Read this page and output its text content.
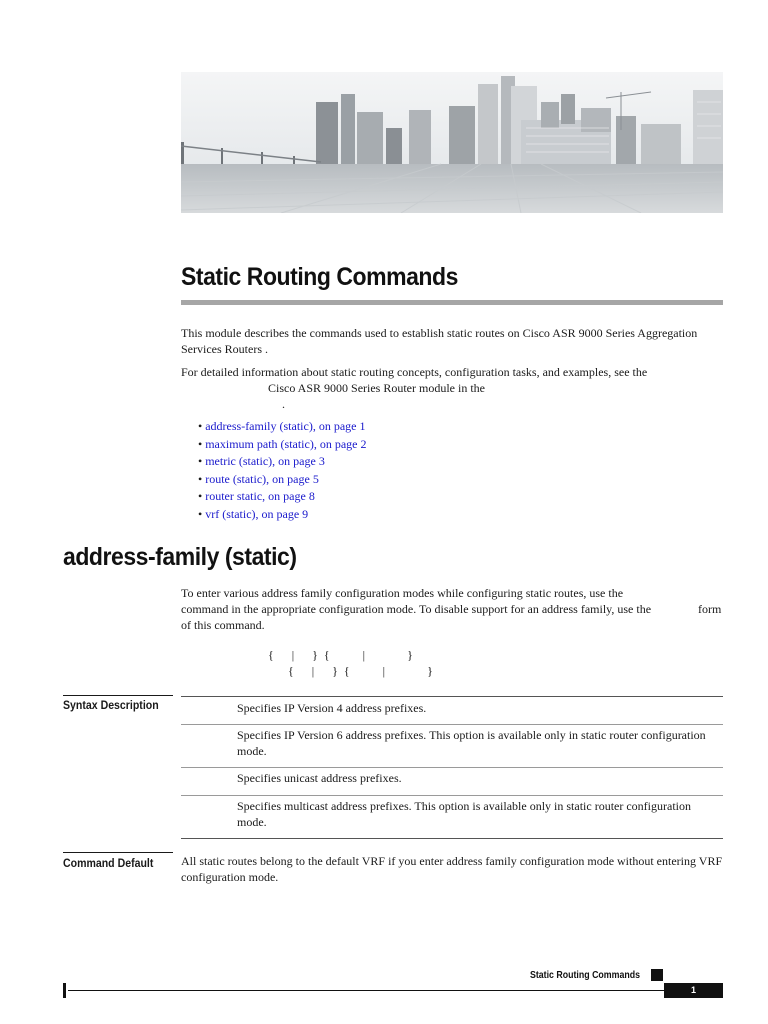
Static Routing Commands
This module describes the commands used to establish static routes on Cisco ASR 9000 Series Aggregation Services Routers .
For detailed information about static routing concepts, configuration tasks, and examples, see the
Cisco ASR 9000 Series Router module in the
.
• address-family (static), on page 1
• maximum path (static), on page 2
• metric (static), on page 3
• route (static), on page 5
• router static, on page 8
• vrf (static), on page 9
address-family (static)
To enter various address family configuration modes while configuring static routes, use the
command in the appropriate configuration mode. To disable support for an address family, use the	form
of this command.
{      |      }  {           |              }
{      |      }  {           |              }
Syntax Description	Specifies IP Version 4 address prefixes.
Specifies IP Version 6 address prefixes. This option is available only in static router configuration mode.
Specifies unicast address prefixes.
Specifies multicast address prefixes. This option is available only in static router configuration mode.
Command Default All static routes belong to the default VRF if you enter address family configuration mode without entering VRF configuration mode.
Static Routing Commands
1
